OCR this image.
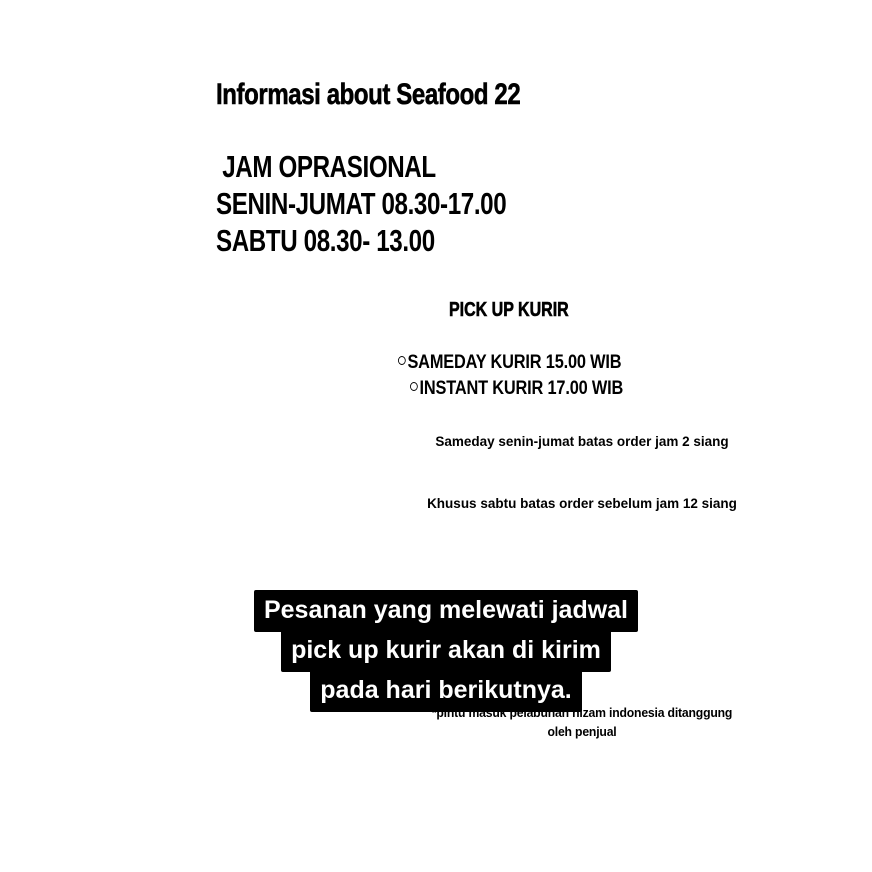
Informasi about Seafood 22
JAM OPRASIONAL
SENIN-JUMAT 08.30-17.00
SABTU 08.30- 13.00
PICK UP KURIR
SAMEDAY KURIR 15.00 WIB
INSTANT KURIR 17.00 WIB
Sameday senin-jumat batas order jam 2 siang
Khusus sabtu batas order sebelum jam 12 siang
Pesanan yang melewati jadwal
pick up kurir akan di kirim
pada hari berikutnya.
*pintu masuk pelabuhan nizam indonesia ditanggung oleh penjual
